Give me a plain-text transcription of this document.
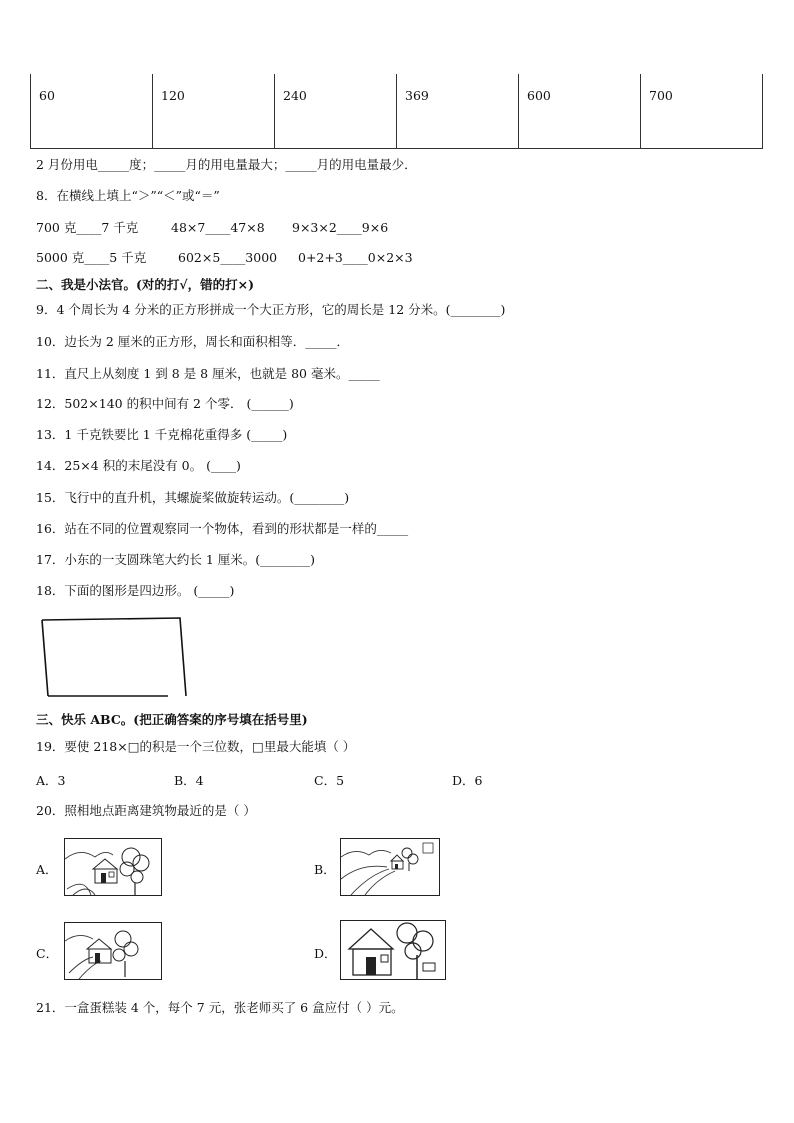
60	120	240	369	600	700
2 月份用电_____度；_____月的用电量最大；_____月的用电量最少．
8．在横线上填上“＞”“＜”或“＝”
700 克____7 千克	48×7____47×8 9×3×2____9×6
5000 克____5 千克	602×5____3000 0+2+3____0×2×3
二、我是小法官。(对的打√，错的打×)
9．4 个周长为 4 分米的正方形拼成一个大正方形，它的周长是 12 分米。(________)
10．边长为 2 厘米的正方形，周长和面积相等．_____．
11．直尺上从刻度 1 到 8 是 8 厘米，也就是 80 毫米。_____
12．502×140 的积中间有 2 个零． (______)
13．1 千克铁要比 1 千克棉花重得多 (_____)
14．25×4 积的末尾没有 0。 (____)
15．飞行中的直升机，其螺旋桨做旋转运动。(________)
16．站在不同的位置观察同一个物体，看到的形状都是一样的_____
17．小东的一支圆珠笔大约长 1 厘米。(________)
18．下面的图形是四边形。 (_____)
三、快乐 ABC。(把正确答案的序号填在括号里)
19．要使 218×□的积是一个三位数，□里最大能填（ ）
A．3	B．4	C．5	D．6
20．照相地点距离建筑物最近的是（ ）
A．	B．
C．	D．
21．一盒蛋糕装 4 个，每个 7 元，张老师买了 6 盒应付（ ）元。
